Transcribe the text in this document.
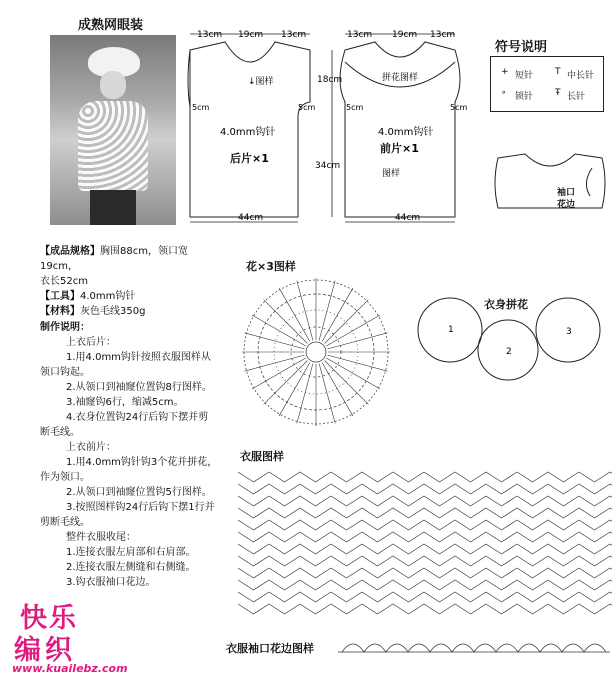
成熟网眼装
13cm 19cm 13cm
↓图样
5cm	5cm
4.0mm钩针
后片×1
44cm
13cm 19cm 13cm
18cm
34cm
拼花图样
5cm	5cm
4.0mm钩针
前片×1
图样
44cm
符号说明
+ 短针 T 中长针
∘ 锁针 Ŧ 长针
袖口
花边
【成品规格】胸围88cm，领口宽19cm，
衣长52cm
【工具】4.0mm钩针
【材料】灰色毛线350g
制作说明：
上衣后片：
1.用4.0mm钩针按照衣服图样从
领口钩起。
2.从领口到袖窿位置钩8行图样。
3.袖窿钩6行，缩减5cm。
4.衣身位置钩24行后钩下摆并剪
断毛线。
上衣前片：
1.用4.0mm钩针钩3个花并拼花，
作为领口。
2.从领口到袖窿位置钩5行图样。
3.按照图样钩24行后钩下摆1行并
剪断毛线。
整件衣服收尾：
1.连接衣服左肩部和右肩部。
2.连接衣服左侧缝和右侧缝。
3.钩衣服袖口花边。
花×3图样
衣身拼花
1
2
3
衣服图样
衣服袖口花边图样
快乐
编织
www.kuailebz.com
